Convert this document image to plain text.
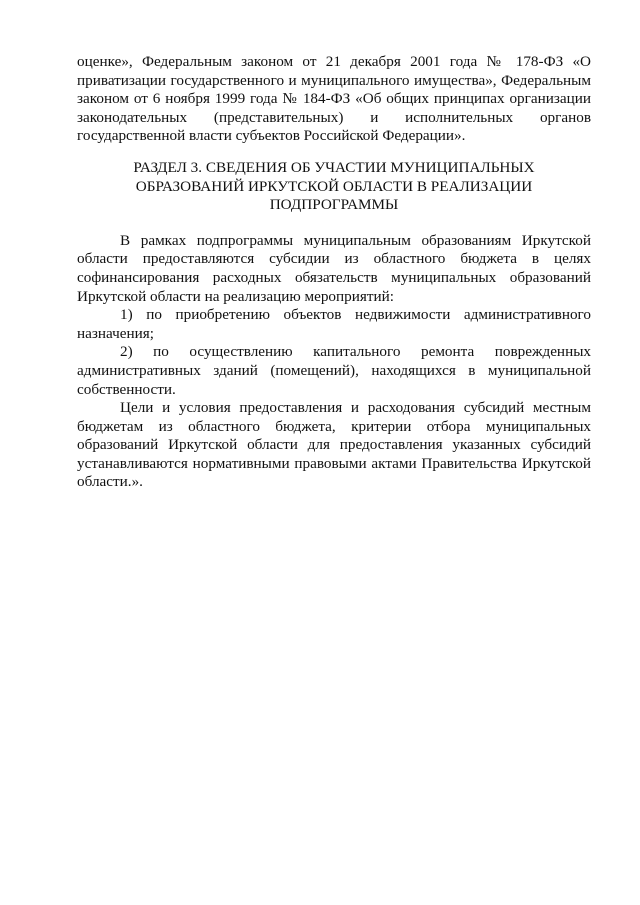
оценке», Федеральным законом от 21 декабря 2001 года № 178-ФЗ «О приватизации государственного и муниципального имущества», Федеральным законом от 6 ноября 1999 года № 184-ФЗ «Об общих принципах организации законодательных (представительных) и исполнительных органов государственной власти субъектов Российской Федерации».

РАЗДЕЛ 3. СВЕДЕНИЯ ОБ УЧАСТИИ МУНИЦИПАЛЬНЫХ
ОБРАЗОВАНИЙ ИРКУТСКОЙ ОБЛАСТИ В РЕАЛИЗАЦИИ
ПОДПРОГРАММЫ

В рамках подпрограммы муниципальным образованиям Иркутской области предоставляются субсидии из областного бюджета в целях софинансирования расходных обязательств муниципальных образований Иркутской области на реализацию мероприятий:

1) по приобретению объектов недвижимости административного назначения;

2) по осуществлению капитального ремонта поврежденных административных зданий (помещений), находящихся в муниципальной собственности.

Цели и условия предоставления и расходования субсидий местным бюджетам из областного бюджета, критерии отбора муниципальных образований Иркутской области для предоставления указанных субсидий устанавливаются нормативными правовыми актами Правительства Иркутской области.».
